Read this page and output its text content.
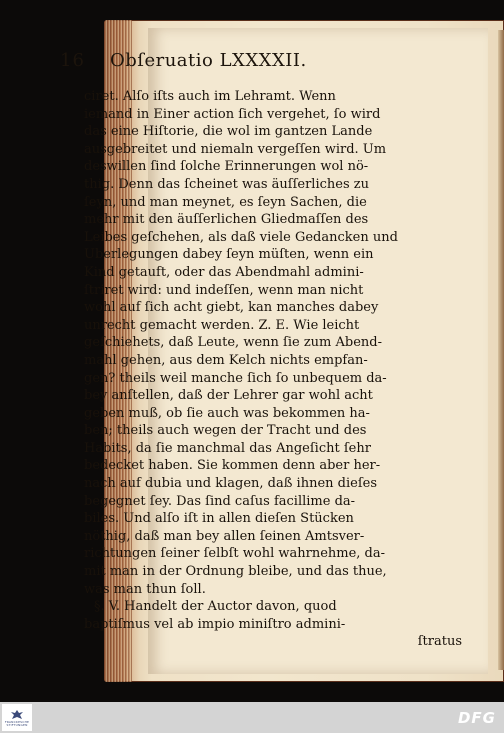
16 Obſeruatio LXXXXII.
ciret. Alſo iſts auch im Lehramt. Wenn
iemand in Einer action ſich vergehet, ſo wird
das eine Hiſtorie, die wol im gantzen Lande
ausgebreitet und niemaln vergeſſen wird. Um
deswillen ſind ſolche Erinnerungen wol nö-
thig. Denn das ſcheinet was äuſſerliches zu
ſeyn, und man meynet, es ſeyn Sachen, die
mehr mit den äuſſerlichen Gliedmaſſen des
Leibes geſchehen, als daß viele Gedancken und
Uberlegungen dabey ſeyn müſten, wenn ein
Kind getauft, oder das Abendmahl admini-
ſtriret wird: und indeſſen, wenn man nicht
wohl auf ſich acht giebt, kan manches dabey
unrecht gemacht werden. Z. E. Wie leicht
geſchiehets, daß Leute, wenn ſie zum Abend-
mahl gehen, aus dem Kelch nichts empfan-
gen? theils weil manche ſich ſo unbequem da-
bey anſtellen, daß der Lehrer gar wohl acht
geben muß, ob ſie auch was bekommen ha-
ben; theils auch wegen der Tracht und des
Habits, da ſie manchmal das Angeſicht ſehr
bedecket haben. Sie kommen denn aber her-
nach auf dubia und klagen, daß ihnen dieſes
begegnet ſey. Das ſind caſus facillime da-
biles. Und alſo iſt in allen dieſen Stücken
nöthig, daß man bey allen ſeinen Amtsver-
richtungen ſeiner ſelbſt wohl wahrnehme, da-
mit man in der Ordnung bleibe, und das thue,
was man thun ſoll.
§. V. Handelt der Auctor davon, quod
baptiſmus vel ab impio miniſtro admini-
ſtratus
FRANCKESCHE
STIFTUNGEN	DFG
